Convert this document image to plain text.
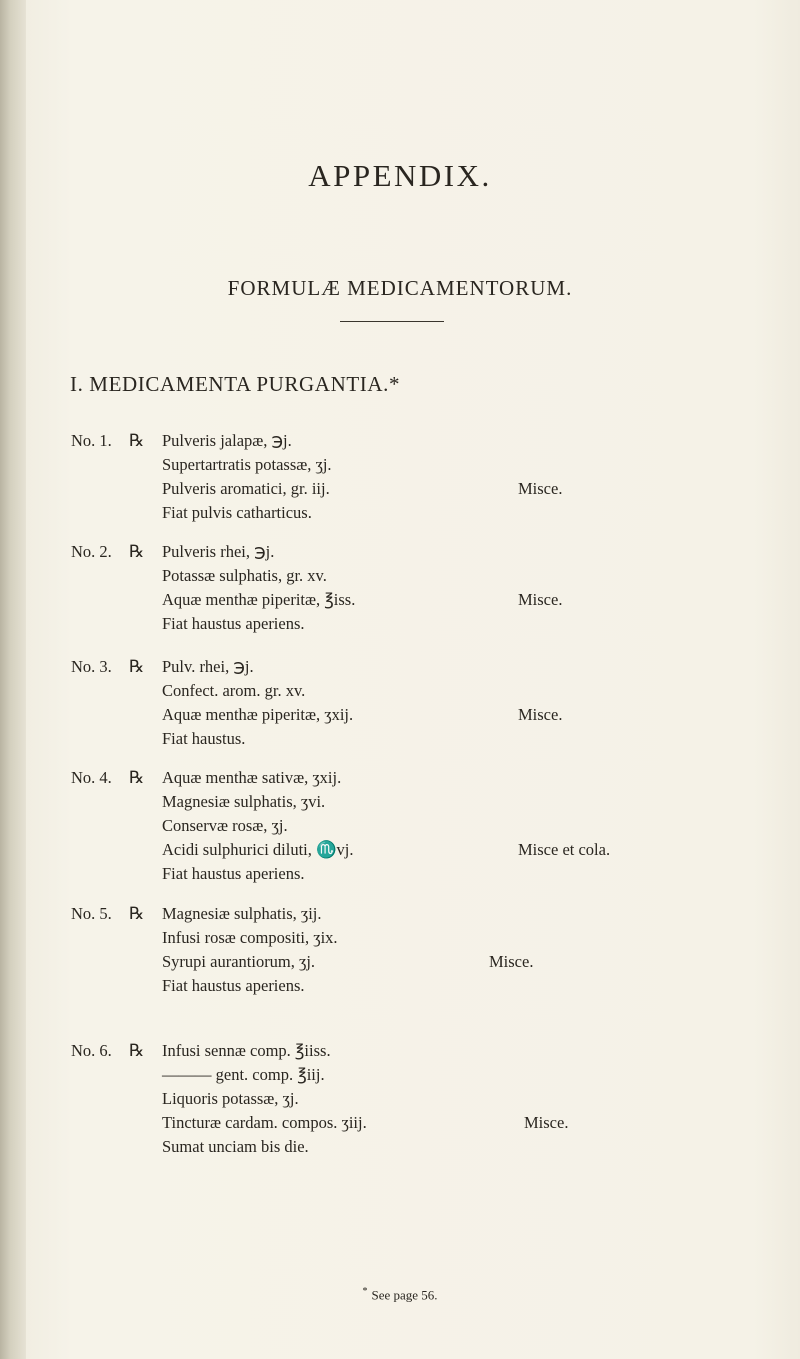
APPENDIX.
FORMULÆ MEDICAMENTORUM.
I. MEDICAMENTA PURGANTIA.*
No. 1. ℞ Pulveris jalapæ, ℈j.
Supertartratis potassæ, ʒj.
Pulveris aromatici, gr. iij.	Misce.
Fiat pulvis catharticus.
No. 2. ℞ Pulveris rhei, ℈j.
Potassæ sulphatis, gr. xv.
Aquæ menthæ piperitæ, ℥iss.	Misce.
Fiat haustus aperiens.
No. 3. ℞ Pulv. rhei, ℈j.
Confect. arom. gr. xv.
Aquæ menthæ piperitæ, ʒxij.	Misce.
Fiat haustus.
No. 4. ℞ Aquæ menthæ sativæ, ʒxij.
Magnesiæ sulphatis, ʒvi.
Conservæ rosæ, ʒj.
Acidi sulphurici diluti, ♏vj.	Misce et cola.
Fiat haustus aperiens.
No. 5. ℞ Magnesiæ sulphatis, ʒij.
Infusi rosæ compositi, ʒix.
Syrupi aurantiorum, ʒj.	Misce.
Fiat haustus aperiens.
No. 6. ℞ Infusi sennæ comp. ℥iiss.
——— gent. comp. ℥iij.
Liquoris potassæ, ʒj.
Tincturæ cardam. compos. ʒiij.	Misce.
Sumat unciam bis die.
* See page 56.
